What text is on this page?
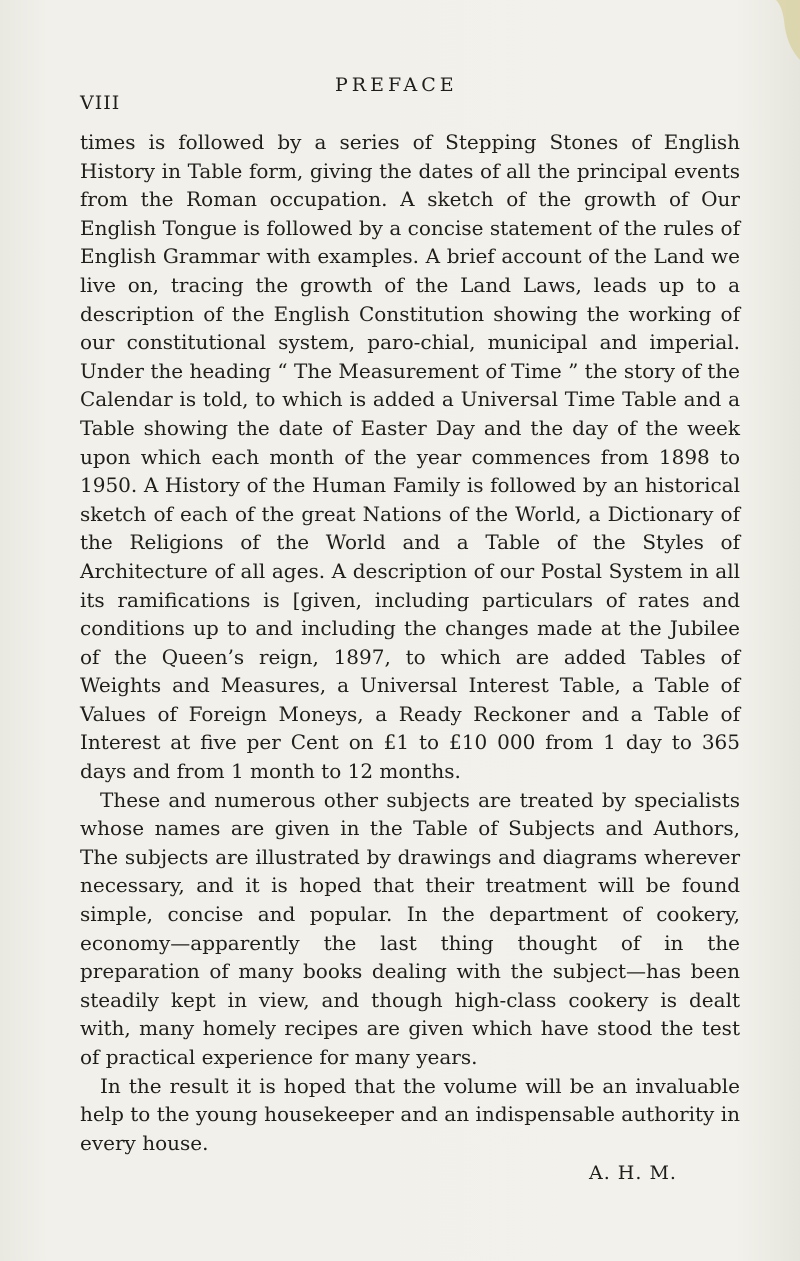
VIII
PREFACE

times is followed by a series of Stepping Stones of English History in Table form, giving the dates of all the principal events from the Roman occupation. A sketch of the growth of Our English Tongue is followed by a concise statement of the rules of English Grammar with examples. A brief account of the Land we live on, tracing the growth of the Land Laws, leads up to a description of the English Constitution showing the working of our constitutional system, paro-chial, municipal and imperial. Under the heading “ The Measurement of Time ” the story of the Calendar is told, to which is added a Universal Time Table and a Table showing the date of Easter Day and the day of the week upon which each month of the year commences from 1898 to 1950. A History of the Human Family is followed by an historical sketch of each of the great Nations of the World, a Dictionary of the Religions of the World and a Table of the Styles of Architecture of all ages. A description of our Postal System in all its ramifications is [given, including particulars of rates and conditions up to and including the changes made at the Jubilee of the Queen’s reign, 1897, to which are added Tables of Weights and Measures, a Universal Interest Table, a Table of Values of Foreign Moneys, a Ready Reckoner and a Table of Interest at five per Cent on £1 to £10 000 from 1 day to 365 days and from 1 month to 12 months.

These and numerous other subjects are treated by specialists whose names are given in the Table of Subjects and Authors, The subjects are illustrated by drawings and diagrams wherever necessary, and it is hoped that their treatment will be found simple, concise and popular. In the department of cookery, economy—apparently the last thing thought of in the preparation of many books dealing with the subject—has been steadily kept in view, and though high-class cookery is dealt with, many homely recipes are given which have stood the test of practical experience for many years.

In the result it is hoped that the volume will be an invaluable help to the young housekeeper and an indispensable authority in every house.

A. H. M.
